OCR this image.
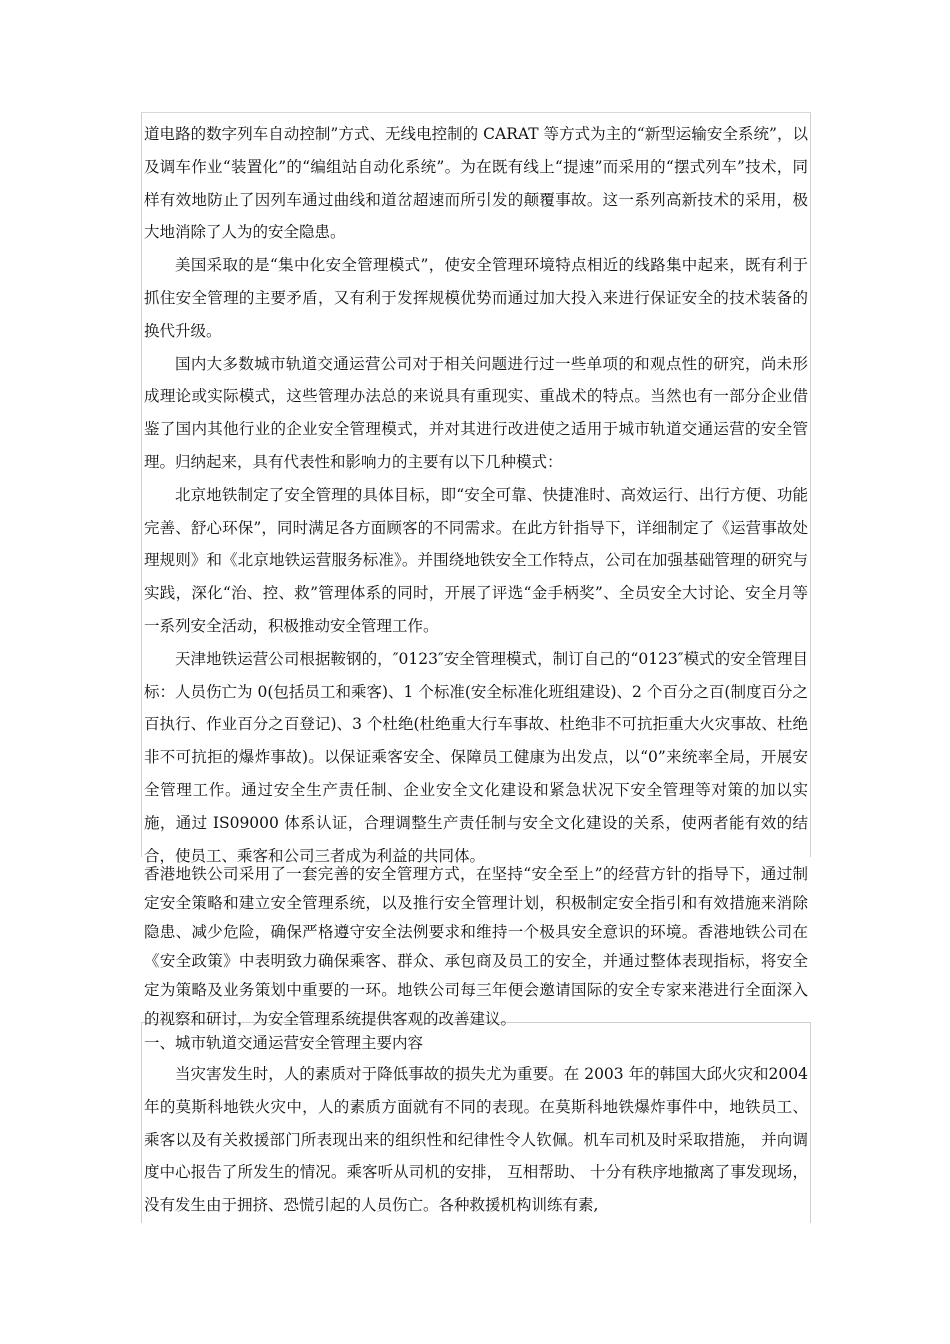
道电路的数字列车自动控制”方式、无线电控制的 CARAT 等方式为主的“新型运输安全系统”，以及调车作业“装置化”的“编组站自动化系统”。为在既有线上“提速”而采用的“摆式列车”技术，同样有效地防止了因列车通过曲线和道岔超速而所引发的颠覆事故。这一系列高新技术的采用，极大地消除了人为的安全隐患。

美国采取的是“集中化安全管理模式”，使安全管理环境特点相近的线路集中起来，既有利于抓住安全管理的主要矛盾，又有利于发挥规模优势而通过加大投入来进行保证安全的技术装备的换代升级。

国内大多数城市轨道交通运营公司对于相关问题进行过一些单项的和观点性的研究，尚未形成理论或实际模式，这些管理办法总的来说具有重现实、重战术的特点。当然也有一部分企业借鉴了国内其他行业的企业安全管理模式，并对其进行改进使之适用于城市轨道交通运营的安全管理。归纳起来，具有代表性和影响力的主要有以下几种模式：

北京地铁制定了安全管理的具体目标，即“安全可靠、快捷准时、高效运行、出行方便、功能完善、舒心环保”，同时满足各方面顾客的不同需求。在此方针指导下，详细制定了《运营事故处理规则》和《北京地铁运营服务标准》。并围绕地铁安全工作特点，公司在加强基础管理的研究与实践，深化“治、控、救”管理体系的同时，开展了评选“金手柄奖”、全员安全大讨论、安全月等一系列安全活动，积极推动安全管理工作。

天津地铁运营公司根据鞍钢的，″0123″安全管理模式，制订自己的“0123″模式的安全管理目标：人员伤亡为 0(包括员工和乘客)、1 个标准(安全标准化班组建设)、2 个百分之百(制度百分之百执行、作业百分之百登记)、3 个杜绝(杜绝重大行车事故、杜绝非不可抗拒重大火灾事故、杜绝非不可抗拒的爆炸事故)。以保证乘客安全、保障员工健康为出发点，以“0”来统率全局，开展安全管理工作。通过安全生产责任制、企业安全文化建设和紧急状况下安全管理等对策的加以实施，通过 IS09000 体系认证，合理调整生产责任制与安全文化建设的关系，使两者能有效的结合，使员工、乘客和公司三者成为利益的共同体。

香港地铁公司采用了一套完善的安全管理方式，在坚持“安全至上”的经营方针的指导下，通过制定安全策略和建立安全管理系统，以及推行安全管理计划，积极制定安全指引和有效措施来消除隐患、减少危险，确保严格遵守安全法例要求和维持一个极具安全意识的环境。香港地铁公司在《安全政策》中表明致力确保乘客、群众、承包商及员工的安全，并通过整体表现指标，将安全定为策略及业务策划中重要的一环。地铁公司每三年便会邀请国际的安全专家来港进行全面深入的视察和研讨，为安全管理系统提供客观的改善建议。

一、城市轨道交通运营安全管理主要内容

当灾害发生时，人的素质对于降低事故的损失尤为重要。在 2003 年的韩国大邱火灾和2004 年的莫斯科地铁火灾中，人的素质方面就有不同的表现。在莫斯科地铁爆炸事件中，地铁员工、乘客以及有关救援部门所表现出来的组织性和纪律性令人钦佩。机车司机及时采取措施， 并向调度中心报告了所发生的情况。乘客听从司机的安排， 互相帮助、 十分有秩序地撤离了事发现场，没有发生由于拥挤、恐慌引起的人员伤亡。各种救援机构训练有素,
